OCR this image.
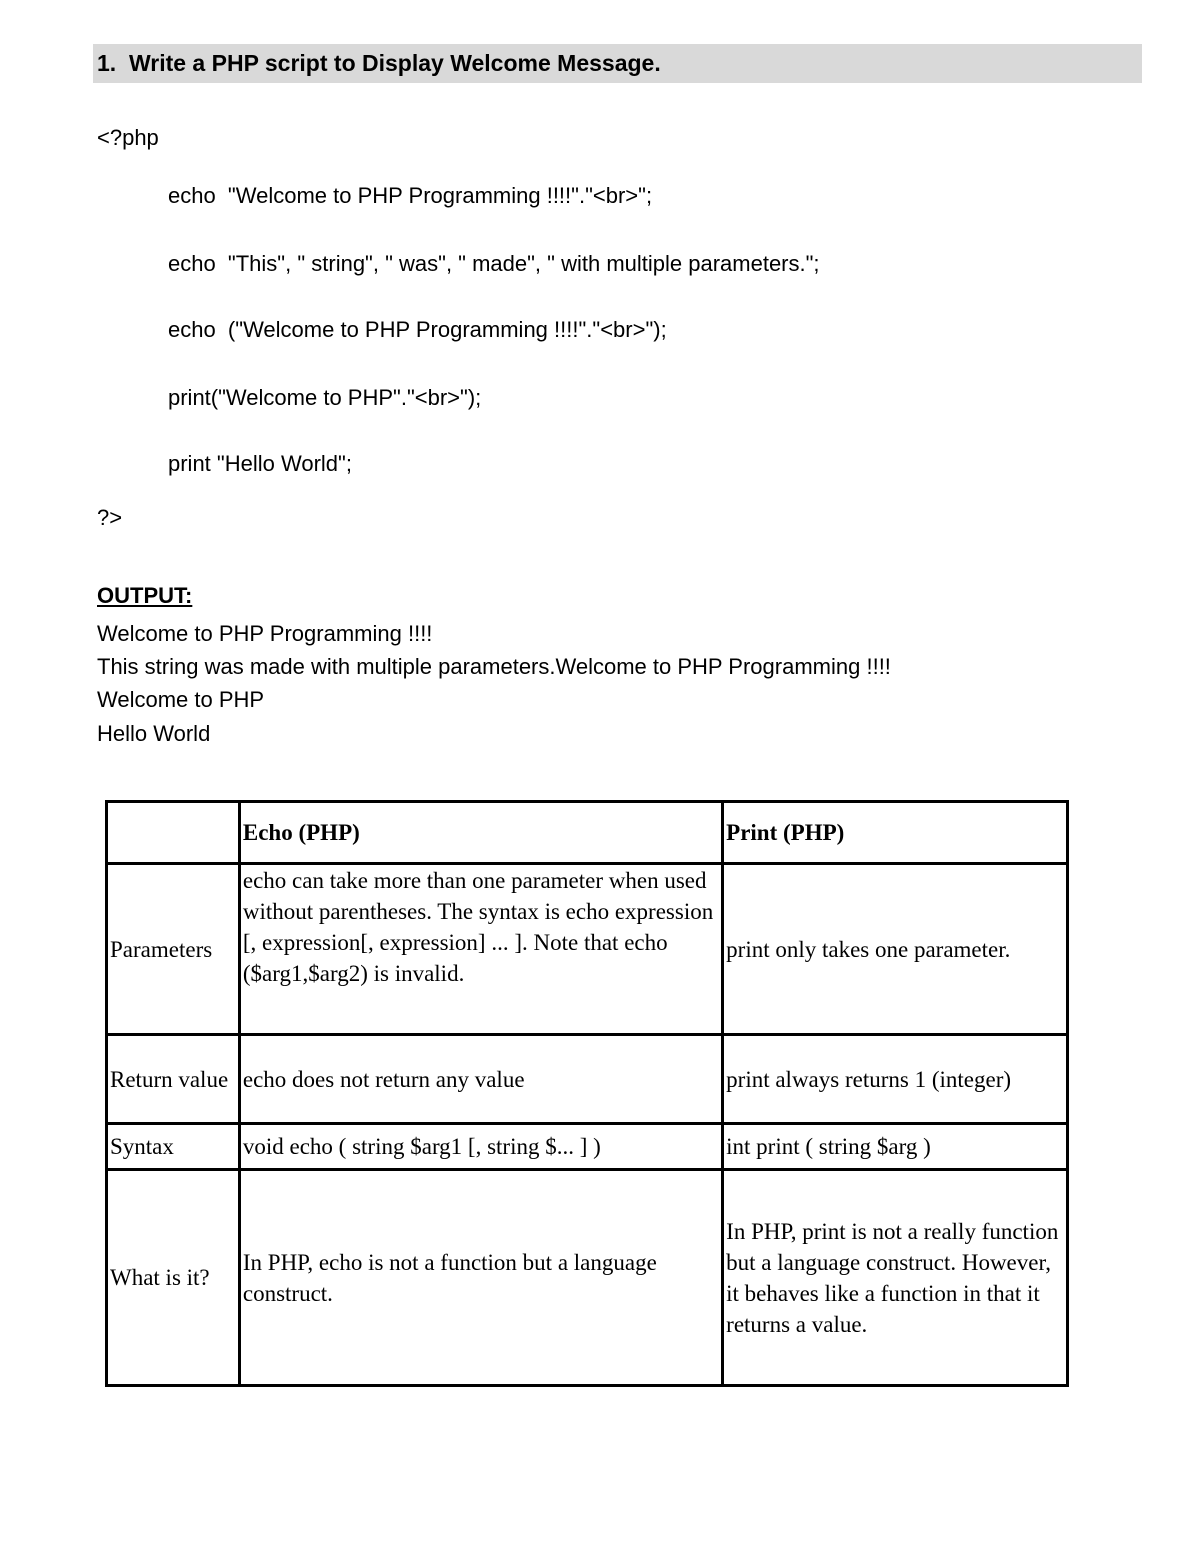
1.  Write a PHP script to Display Welcome Message.
<?php
echo  "Welcome to PHP Programming !!!!"."<br>";
echo  "This", " string", " was", " made", " with multiple parameters.";
echo  ("Welcome to PHP Programming !!!!"."<br>");
print("Welcome to PHP"."<br>");
print "Hello World";
?>
OUTPUT:
Welcome to PHP Programming !!!!
This string was made with multiple parameters.Welcome to PHP Programming !!!!
Welcome to PHP
Hello World
	Echo (PHP)	Print (PHP)
Parameters	echo can take more than one parameter when used without parentheses. The syntax is echo expression [, expression[, expression] ... ]. Note that echo ($arg1,$arg2) is invalid.	print only takes one parameter.
Return value	echo does not return any value	print always returns 1 (integer)
Syntax	void echo ( string $arg1 [, string $... ] )	int print ( string $arg )
What is it?	In PHP, echo is not a function but a language construct.	In PHP, print is not a really function but a language construct. However, it behaves like a function in that it returns a value.
